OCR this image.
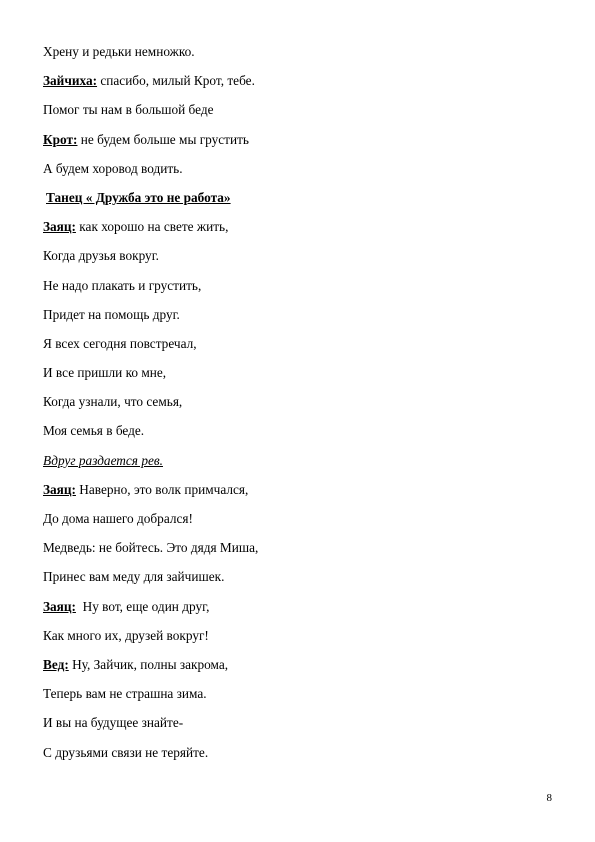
Хрену и редьки немножко.
Зайчиха: спасибо, милый Крот, тебе.
Помог ты нам в большой беде
Крот: не будем больше мы грустить
А будем хоровод водить.
Танец « Дружба это не работа»
Заяц: как хорошо на свете жить,
Когда друзья вокруг.
Не надо плакать и грустить,
Придет на помощь друг.
Я всех сегодня повстречал,
И все пришли ко мне,
Когда узнали, что семья,
Моя семья в беде.
Вдруг раздается рев.
Заяц: Наверно, это волк примчался,
До дома нашего добрался!
Медведь: не бойтесь. Это дядя Миша,
Принес вам меду для зайчишек.
Заяц:  Ну вот, еще один друг,
Как много их, друзей вокруг!
Вед: Ну, Зайчик, полны закрома,
Теперь вам не страшна зима.
И вы на будущее знайте-
С друзьями связи не теряйте.
8
